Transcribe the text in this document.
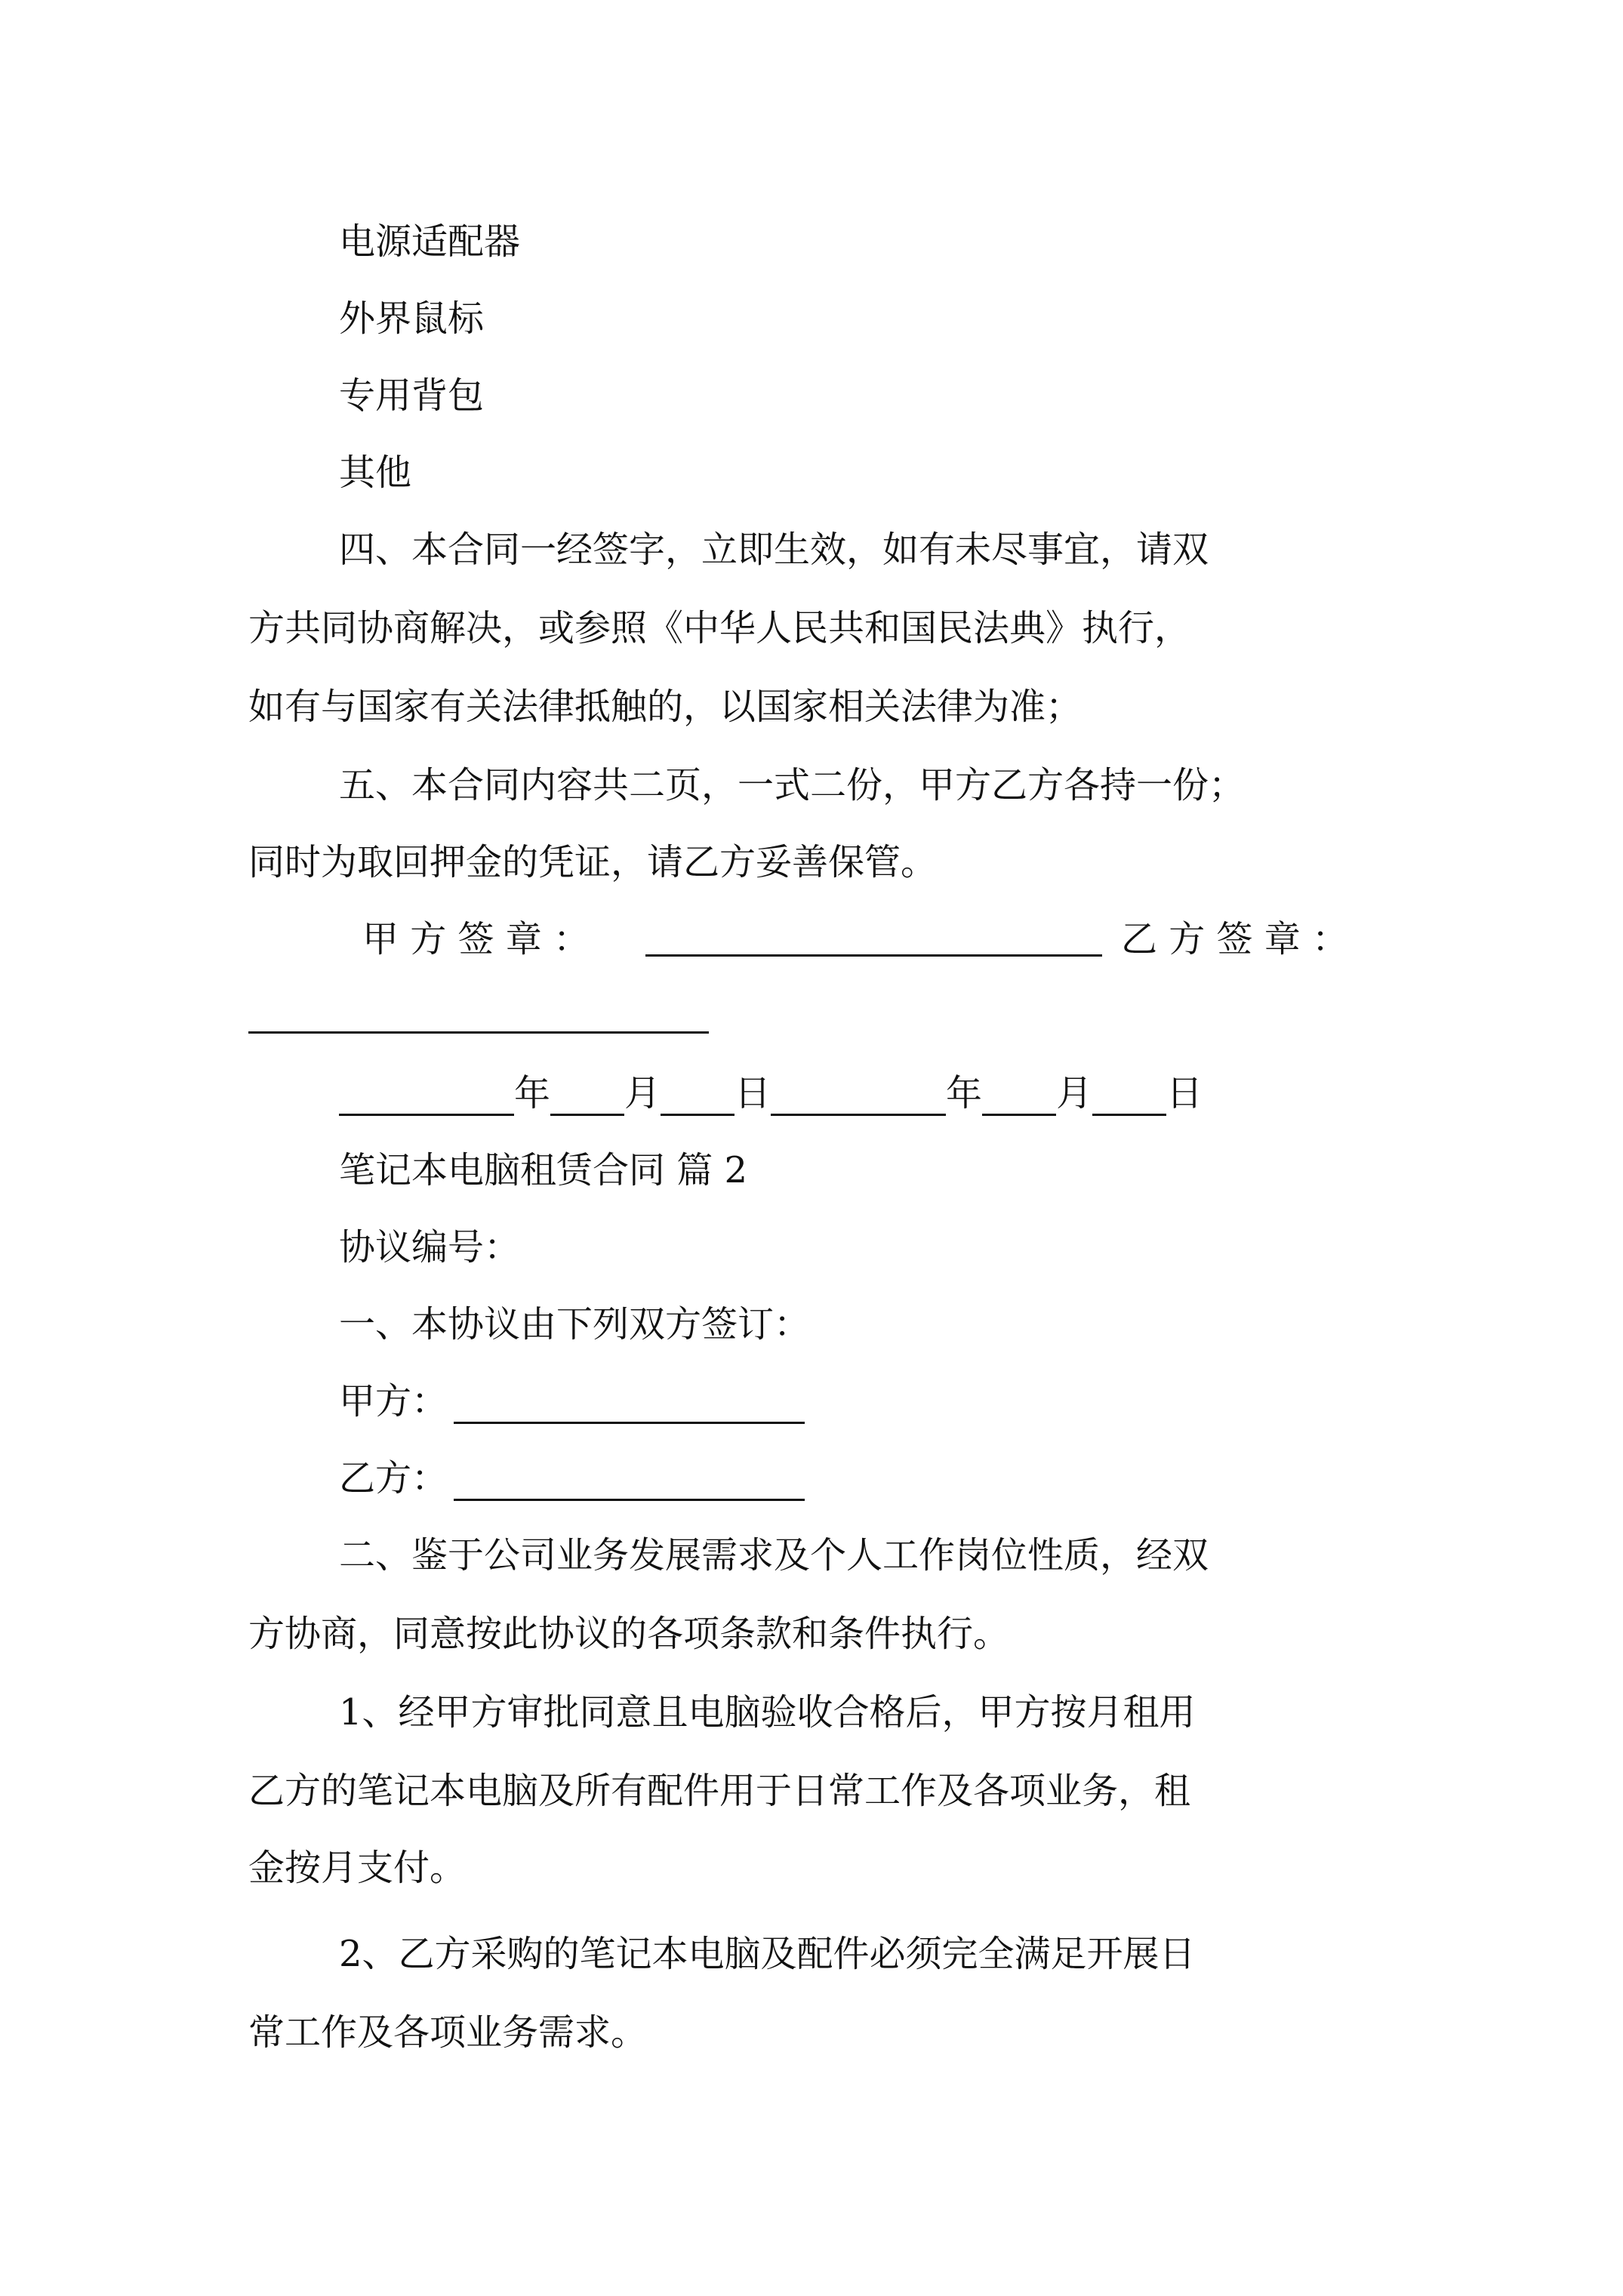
电源适配器

外界鼠标

专用背包

其他

四、本合同一经签字，立即生效，如有未尽事宜，请双

方共同协商解决，或参照《中华人民共和国民法典》执行，

如有与国家有关法律抵触的，以国家相关法律为准；

五、本合同内容共二页，一式二份，甲方乙方各持一份；

同时为取回押金的凭证，请乙方妥善保管。

甲 方 签 章 ：	乙 方 签 章 ：

年 月 日	年 月 日

笔记本电脑租赁合同 篇 2

协议编号：

一、本协议由下列双方签订：

甲方：

乙方：

二、鉴于公司业务发展需求及个人工作岗位性质，经双

方协商，同意按此协议的各项条款和条件执行。

1、经甲方审批同意且电脑验收合格后，甲方按月租用

乙方的笔记本电脑及所有配件用于日常工作及各项业务，租

金按月支付。

2、乙方采购的笔记本电脑及配件必须完全满足开展日

常工作及各项业务需求。
